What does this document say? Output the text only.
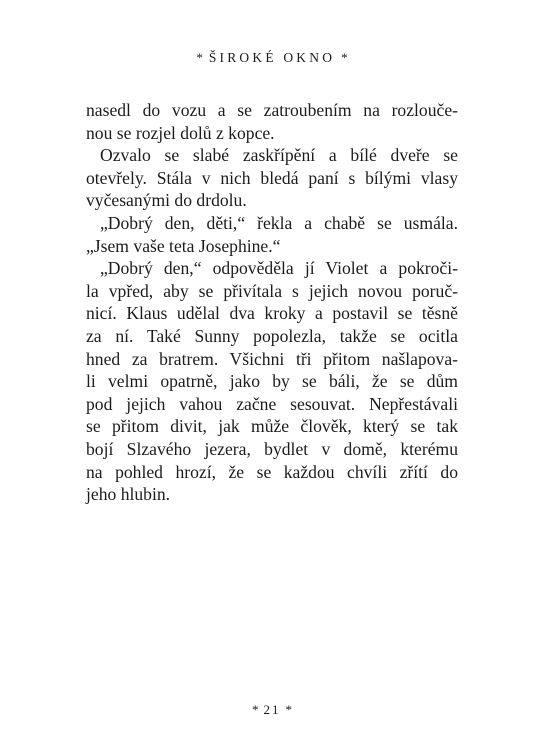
* ŠIROKÉ OKNO *
nasedl do vozu a se zatroubením na rozlouče-
nou se rozjel dolů z kopce.
Ozvalo se slabé zaskřípění a bílé dveře se
otevřely. Stála v nich bledá paní s bílými vlasy
vyčesanými do drdolu.
„Dobrý den, děti,“ řekla a chabě se usmála.
„Jsem vaše teta Josephine.“
„Dobrý den,“ odpověděla jí Violet a pokroči-
la vpřed, aby se přivítala s jejich novou poruč-
nicí. Klaus udělal dva kroky a postavil se těsně
za ní. Také Sunny popolezla, takže se ocitla
hned za bratrem. Všichni tři přitom našlapova-
li velmi opatrně, jako by se báli, že se dům
pod jejich vahou začne sesouvat. Nepřestávali
se přitom divit, jak může člověk, který se tak
bojí Slzavého jezera, bydlet v domě, kterému
na pohled hrozí, že se každou chvíli zřítí do
jeho hlubin.
* 21 *
